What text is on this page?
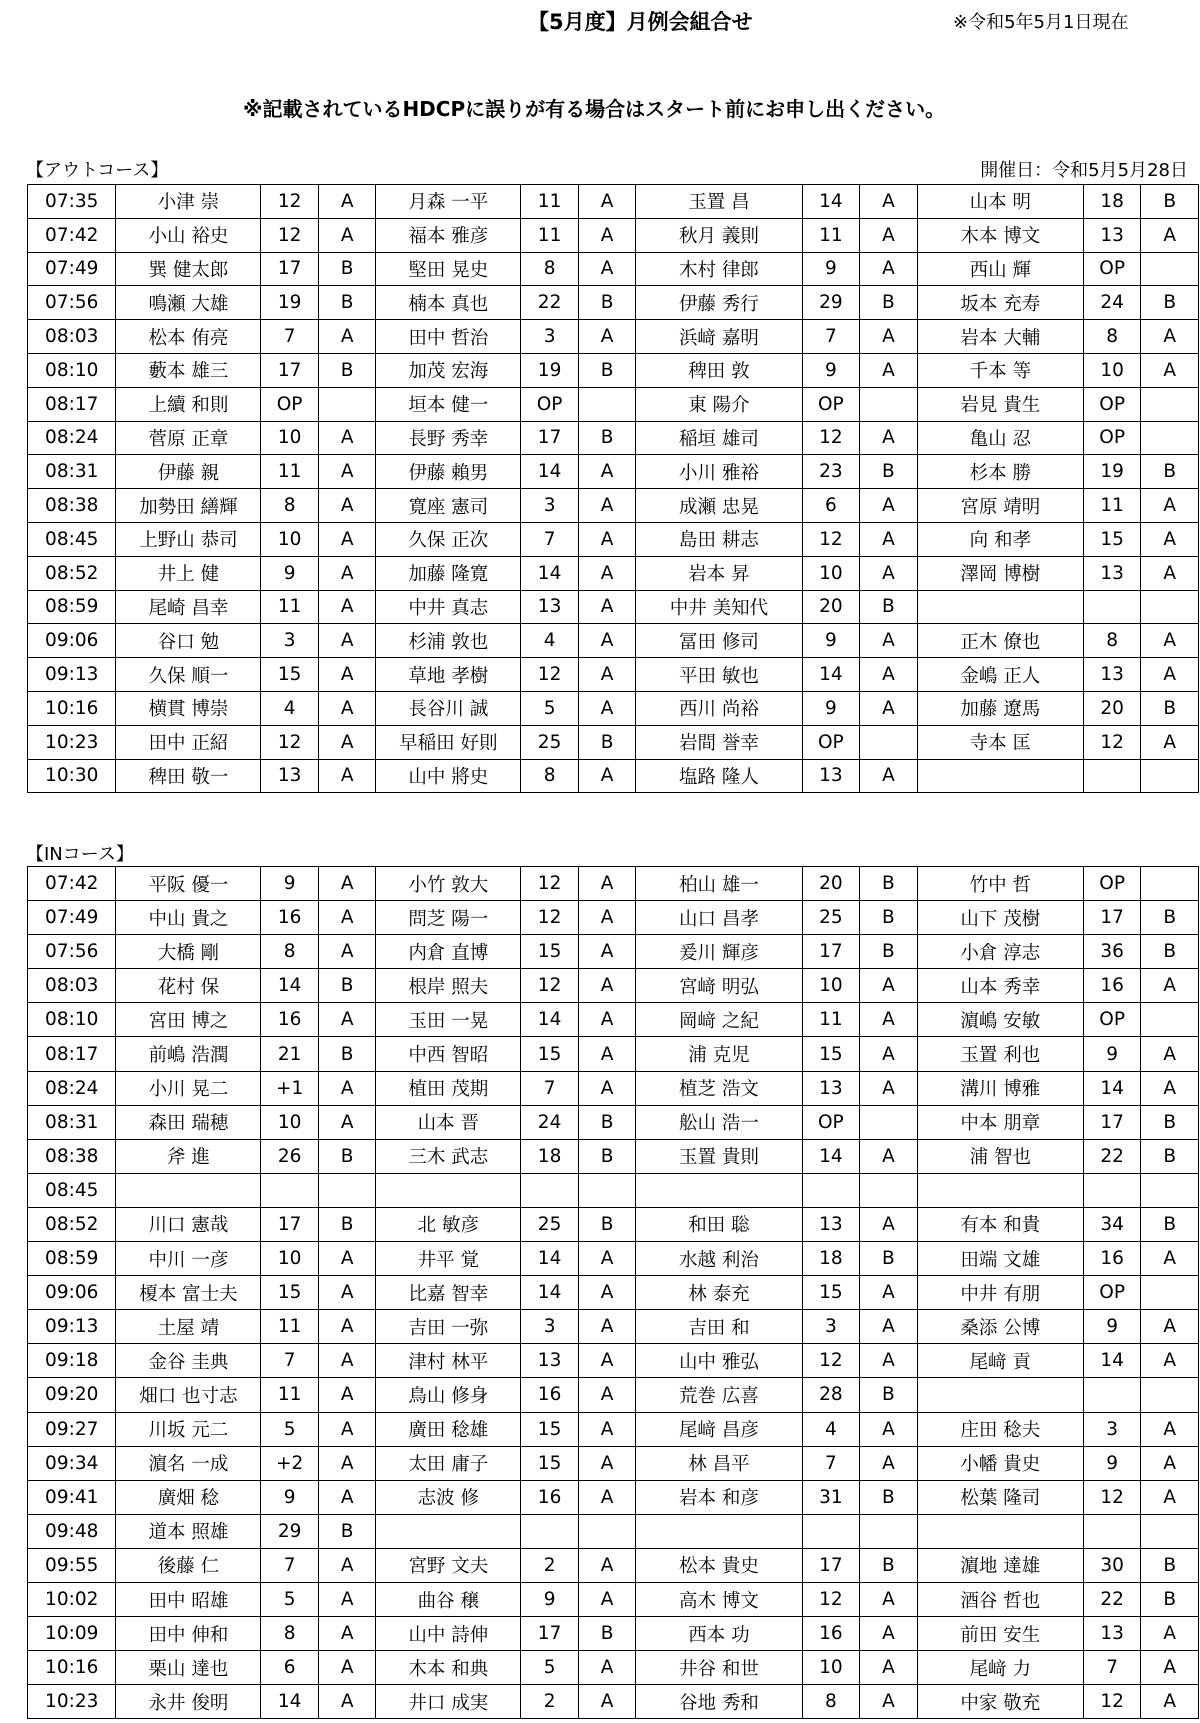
【5月度】月例会組合せ	※令和5年5月1日現在
※記載されているHDCPに誤りが有る場合はスタート前にお申し出ください。
【アウトコース】	開催日：令和5月5月28日
07:35	小津 崇	12	A	月森 一平	11	A	玉置 昌	14	A	山本 明	18	B
07:42	小山 裕史	12	A	福本 雅彦	11	A	秋月 義則	11	A	木本 博文	13	A
07:49	巽 健太郎	17	B	堅田 晃史	8	A	木村 律郎	9	A	西山 輝	OP	
07:56	鳴瀬 大雄	19	B	楠本 真也	22	B	伊藤 秀行	29	B	坂本 充寿	24	B
08:03	松本 侑亮	7	A	田中 哲治	3	A	浜﨑 嘉明	7	A	岩本 大輔	8	A
08:10	藪本 雄三	17	B	加茂 宏海	19	B	稗田 敦	9	A	千本 等	10	A
08:17	上續 和則	OP		垣本 健一	OP		東 陽介	OP		岩見 貴生	OP	
08:24	菅原 正章	10	A	長野 秀幸	17	B	稲垣 雄司	12	A	亀山 忍	OP	
08:31	伊藤 親	11	A	伊藤 賴男	14	A	小川 雅裕	23	B	杉本 勝	19	B
08:38	加勢田 繕輝	8	A	寛座 憲司	3	A	成瀬 忠晃	6	A	宮原 靖明	11	A
08:45	上野山 恭司	10	A	久保 正次	7	A	島田 耕志	12	A	向 和孝	15	A
08:52	井上 健	9	A	加藤 隆寛	14	A	岩本 昇	10	A	澤岡 博樹	13	A
08:59	尾崎 昌幸	11	A	中井 真志	13	A	中井 美知代	20	B			
09:06	谷口 勉	3	A	杉浦 敦也	4	A	冨田 修司	9	A	正木 僚也	8	A
09:13	久保 順一	15	A	草地 孝樹	12	A	平田 敏也	14	A	金嶋 正人	13	A
10:16	横貫 博崇	4	A	長谷川 誠	5	A	西川 尚裕	9	A	加藤 遼馬	20	B
10:23	田中 正紹	12	A	早稲田 好則	25	B	岩間 誉幸	OP		寺本 匡	12	A
10:30	稗田 敬一	13	A	山中 將史	8	A	塩路 隆人	13	A			
【INコース】
07:42	平阪 優一	9	A	小竹 敦大	12	A	柏山 雄一	20	B	竹中 哲	OP	
07:49	中山 貴之	16	A	問芝 陽一	12	A	山口 昌孝	25	B	山下 茂樹	17	B
07:56	大橋 剛	8	A	内倉 直博	15	A	爰川 輝彦	17	B	小倉 淳志	36	B
08:03	花村 保	14	B	根岸 照夫	12	A	宮﨑 明弘	10	A	山本 秀幸	16	A
08:10	宮田 博之	16	A	玉田 一晃	14	A	岡﨑 之紀	11	A	濵嶋 安敏	OP	
08:17	前嶋 浩潤	21	B	中西 智昭	15	A	浦 克児	15	A	玉置 利也	9	A
08:24	小川 晃二	+1	A	植田 茂期	7	A	植芝 浩文	13	A	溝川 博雅	14	A
08:31	森田 瑞穂	10	A	山本 晋	24	B	舩山 浩一	OP		中本 朋章	17	B
08:38	斧 進	26	B	三木 武志	18	B	玉置 貴則	14	A	浦 智也	22	B
08:45												
08:52	川口 憲哉	17	B	北 敏彦	25	B	和田 聡	13	A	有本 和貴	34	B
08:59	中川 一彦	10	A	井平 覚	14	A	水越 利治	18	B	田端 文雄	16	A
09:06	榎本 富士夫	15	A	比嘉 智幸	14	A	林 泰充	15	A	中井 有朋	OP	
09:13	土屋 靖	11	A	吉田 一弥	3	A	吉田 和	3	A	桑添 公博	9	A
09:18	金谷 圭典	7	A	津村 林平	13	A	山中 雅弘	12	A	尾﨑 貢	14	A
09:20	畑口 也寸志	11	A	鳥山 修身	16	A	荒巻 広喜	28	B			
09:27	川坂 元二	5	A	廣田 稔雄	15	A	尾﨑 昌彦	4	A	庄田 稔夫	3	A
09:34	濵名 一成	+2	A	太田 庸子	15	A	林 昌平	7	A	小幡 貴史	9	A
09:41	廣畑 稔	9	A	志波 修	16	A	岩本 和彦	31	B	松葉 隆司	12	A
09:48	道本 照雄	29	B									
09:55	後藤 仁	7	A	宮野 文夫	2	A	松本 貴史	17	B	濵地 達雄	30	B
10:02	田中 昭雄	5	A	曲谷 穣	9	A	高木 博文	12	A	酒谷 哲也	22	B
10:09	田中 伸和	8	A	山中 詩伸	17	B	西本 功	16	A	前田 安生	13	A
10:16	栗山 達也	6	A	木本 和典	5	A	井谷 和世	10	A	尾﨑 力	7	A
10:23	永井 俊明	14	A	井口 成実	2	A	谷地 秀和	8	A	中家 敬充	12	A
